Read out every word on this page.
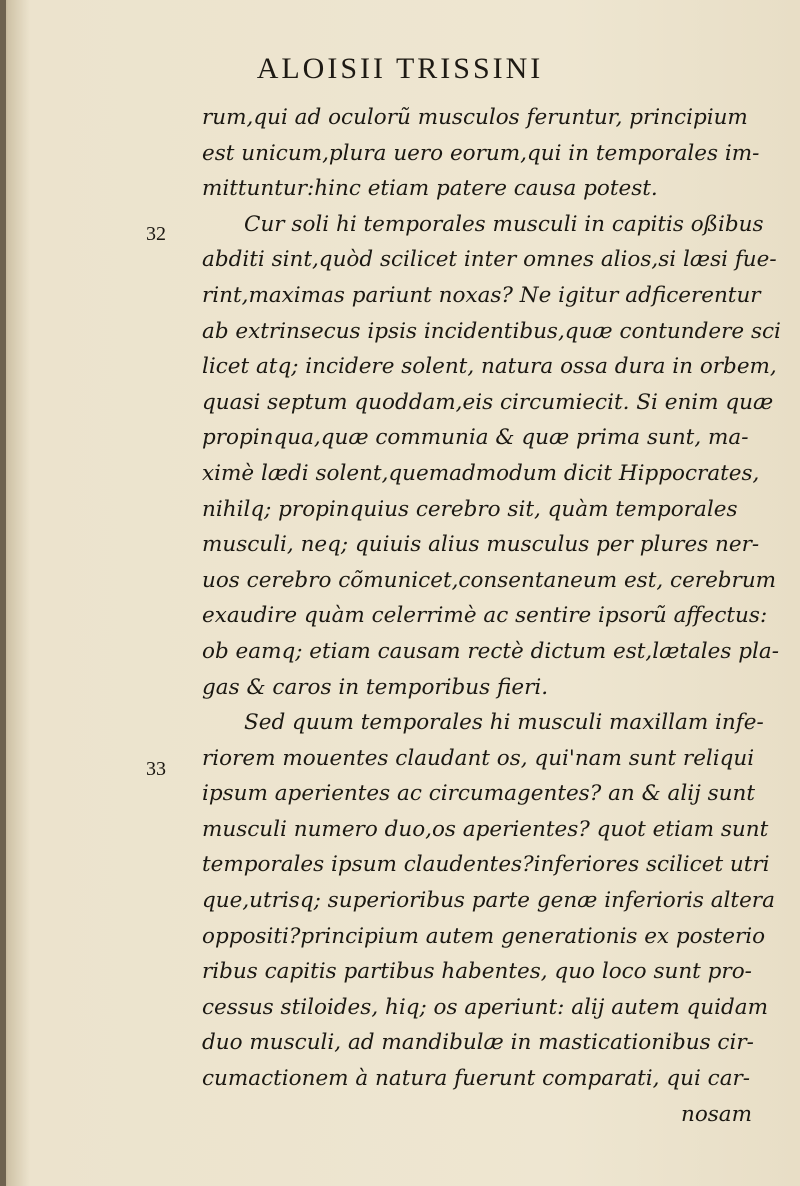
ALOISII TRISSINI
32
33
rum,qui ad oculorũ musculos feruntur, principium
est unicum,plura uero eorum,qui in temporales im-
mittuntur:hinc etiam patere causa potest.
Cur soli hi temporales musculi in capitis oßibus
abditi sint,quòd scilicet inter omnes alios,si læsi fue-
rint,maximas pariunt noxas? Ne igitur adficerentur
ab extrinsecus ipsis incidentibus,quæ contundere sci
licet atq; incidere solent, natura ossa dura in orbem,
quasi septum quoddam,eis circumiecit. Si enim quæ
propinqua,quæ communia & quæ prima sunt, ma-
ximè lædi solent,quemadmodum dicit Hippocrates,
nihilq; propinquius cerebro sit, quàm temporales
musculi, neq; quiuis alius musculus per plures ner-
uos cerebro cõmunicet,consentaneum est, cerebrum
exaudire quàm celerrimè ac sentire ipsorũ affectus:
ob eamq; etiam causam rectè dictum est,lætales pla-
gas & caros in temporibus fieri.
Sed quum temporales hi musculi maxillam infe-
riorem mouentes claudant os, qui'nam sunt reliqui
ipsum aperientes ac circumagentes? an & alij sunt
musculi numero duo,os aperientes? quot etiam sunt
temporales ipsum claudentes?inferiores scilicet utri
que,utrisq; superioribus parte genæ inferioris altera
oppositi?principium autem generationis ex posterio
ribus capitis partibus habentes, quo loco sunt pro-
cessus stiloides, hiq; os aperiunt: alij autem quidam
duo musculi, ad mandibulæ in masticationibus cir-
cumactionem à natura fuerunt comparati, qui car-
nosam
